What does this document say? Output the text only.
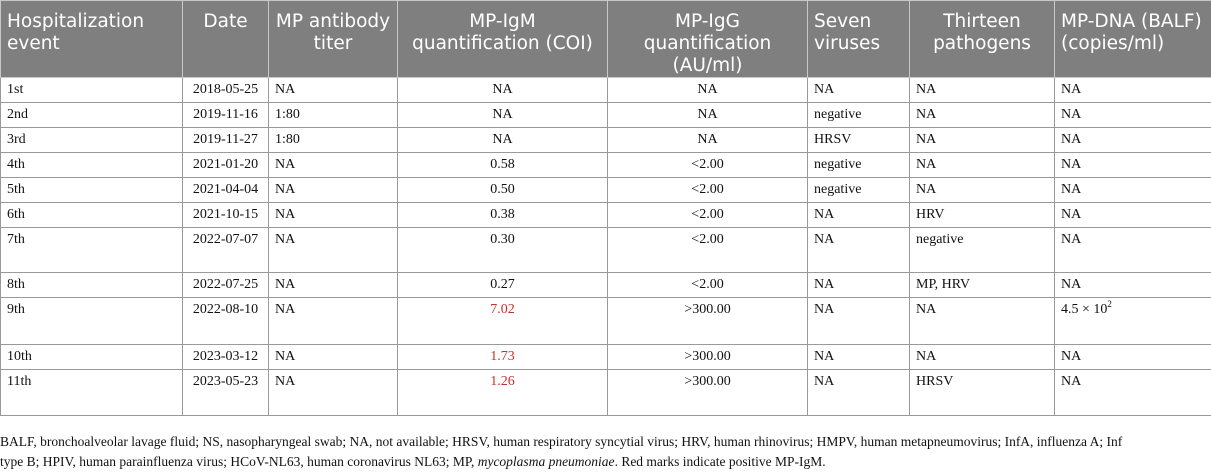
Hospitalization event	Date	MP antibody titer	MP-IgM quantification (COI)	MP-IgG quantification (AU/ml)	Seven viruses	Thirteen pathogens	MP-DNA (BALF) (copies/ml)
1st	2018-05-25	NA	NA	NA	NA	NA	NA
2nd	2019-11-16	1:80	NA	NA	negative	NA	NA
3rd	2019-11-27	1:80	NA	NA	HRSV	NA	NA
4th	2021-01-20	NA	0.58	<2.00	negative	NA	NA
5th	2021-04-04	NA	0.50	<2.00	negative	NA	NA
6th	2021-10-15	NA	0.38	<2.00	NA	HRV	NA
7th	2022-07-07	NA	0.30	<2.00	NA	negative	NA
8th	2022-07-25	NA	0.27	<2.00	NA	MP, HRV	NA
9th	2022-08-10	NA	7.02	>300.00	NA	NA	$4.5 \times 10^2$
10th	2023-03-12	NA	1.73	>300.00	NA	NA	NA
11th	2023-05-23	NA	1.26	>300.00	NA	HRSV	NA
BALF, bronchoalveolar lavage fluid; NS, nasopharyngeal swab; NA, not available; HRSV, human respiratory syncytial virus; HRV, human rhinovirus; HMPV, human metapneumovirus; InfA, influenza A; Inf
type B; HPIV, human parainfluenza virus; HCoV-NL63, human coronavirus NL63; MP, mycoplasma pneumoniae. Red marks indicate positive MP-IgM.
